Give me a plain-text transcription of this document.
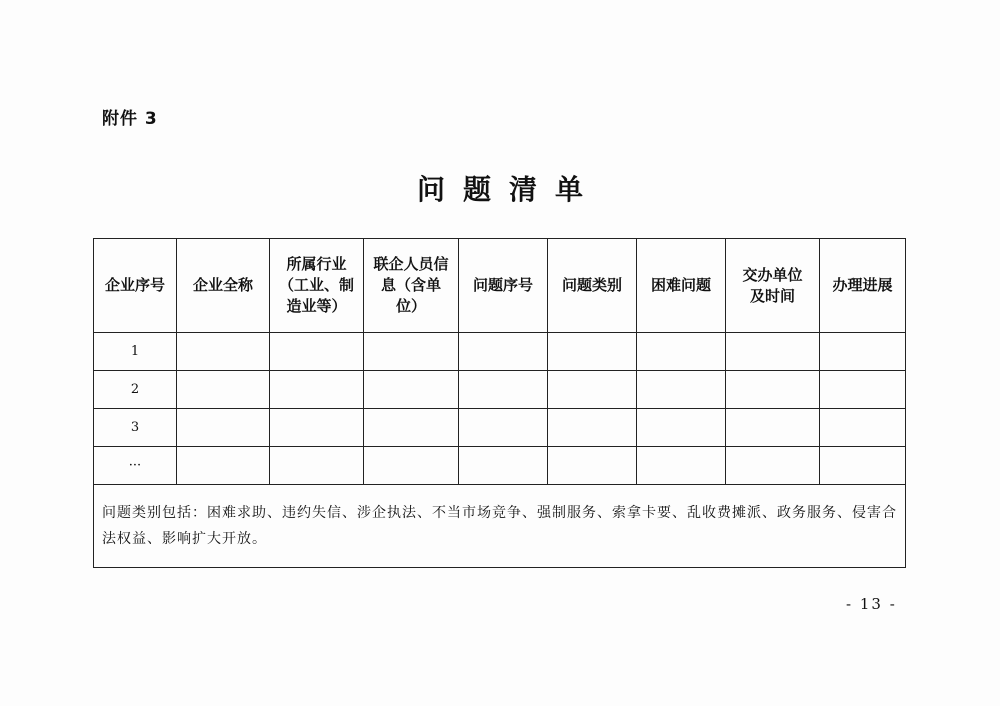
附件 3
问题清单
企业序号	企业全称	所属行业（工业、制造业等）	联企人员信息（含单位）	问题序号	问题类别	困难问题	交办单位及时间	办理进展
1								
2								
3								
···								
问题类别包括：困难求助、违约失信、涉企执法、不当市场竞争、强制服务、索拿卡要、乱收费摊派、政务服务、侵害合法权益、影响扩大开放。								
- 13 -
